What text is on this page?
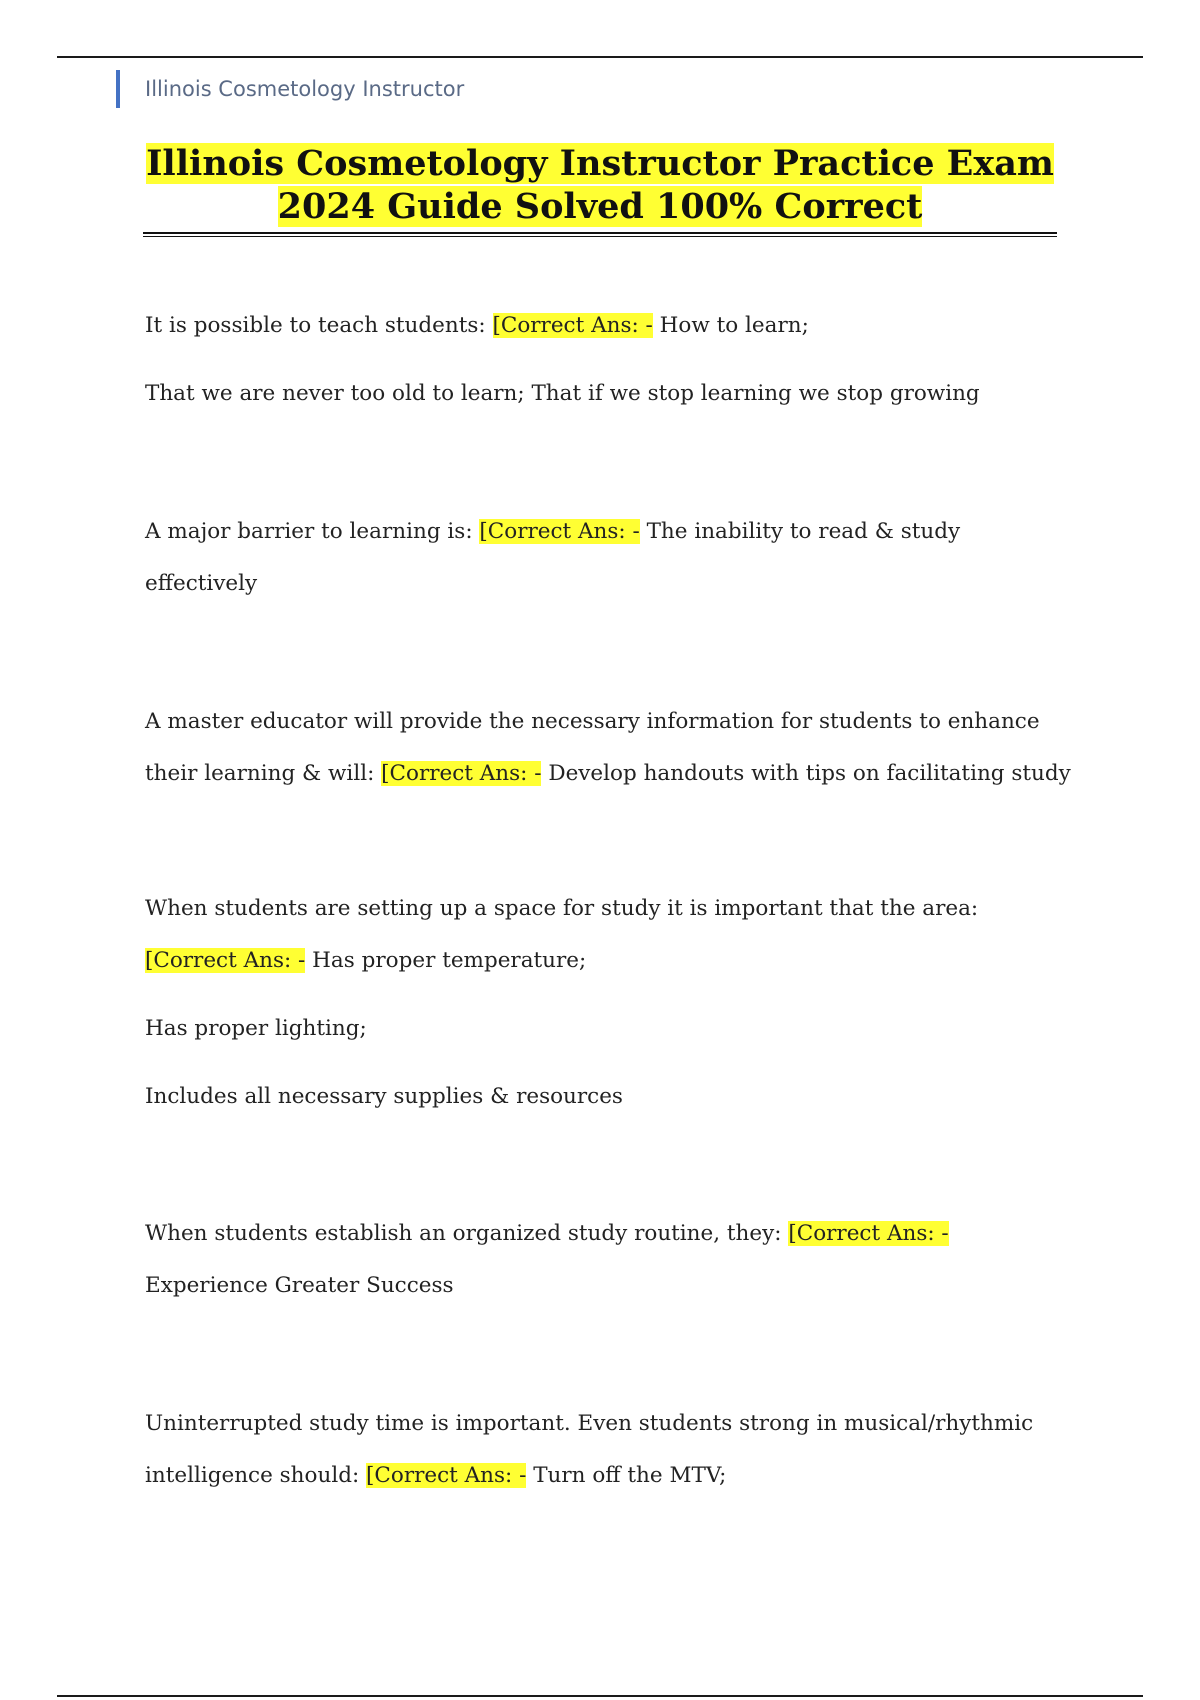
Illinois Cosmetology Instructor
Illinois Cosmetology Instructor Practice Exam
2024 Guide Solved 100% Correct
It is possible to teach students: [Correct Ans: - How to learn;
That we are never too old to learn; That if we stop learning we stop growing
A major barrier to learning is: [Correct Ans: - The inability to read & study
effectively
A master educator will provide the necessary information for students to enhance
their learning & will: [Correct Ans: - Develop handouts with tips on facilitating study
When students are setting up a space for study it is important that the area:
[Correct Ans: - Has proper temperature;
Has proper lighting;
Includes all necessary supplies & resources
When students establish an organized study routine, they: [Correct Ans: -
Experience Greater Success
Uninterrupted study time is important. Even students strong in musical/rhythmic
intelligence should: [Correct Ans: - Turn off the MTV;
